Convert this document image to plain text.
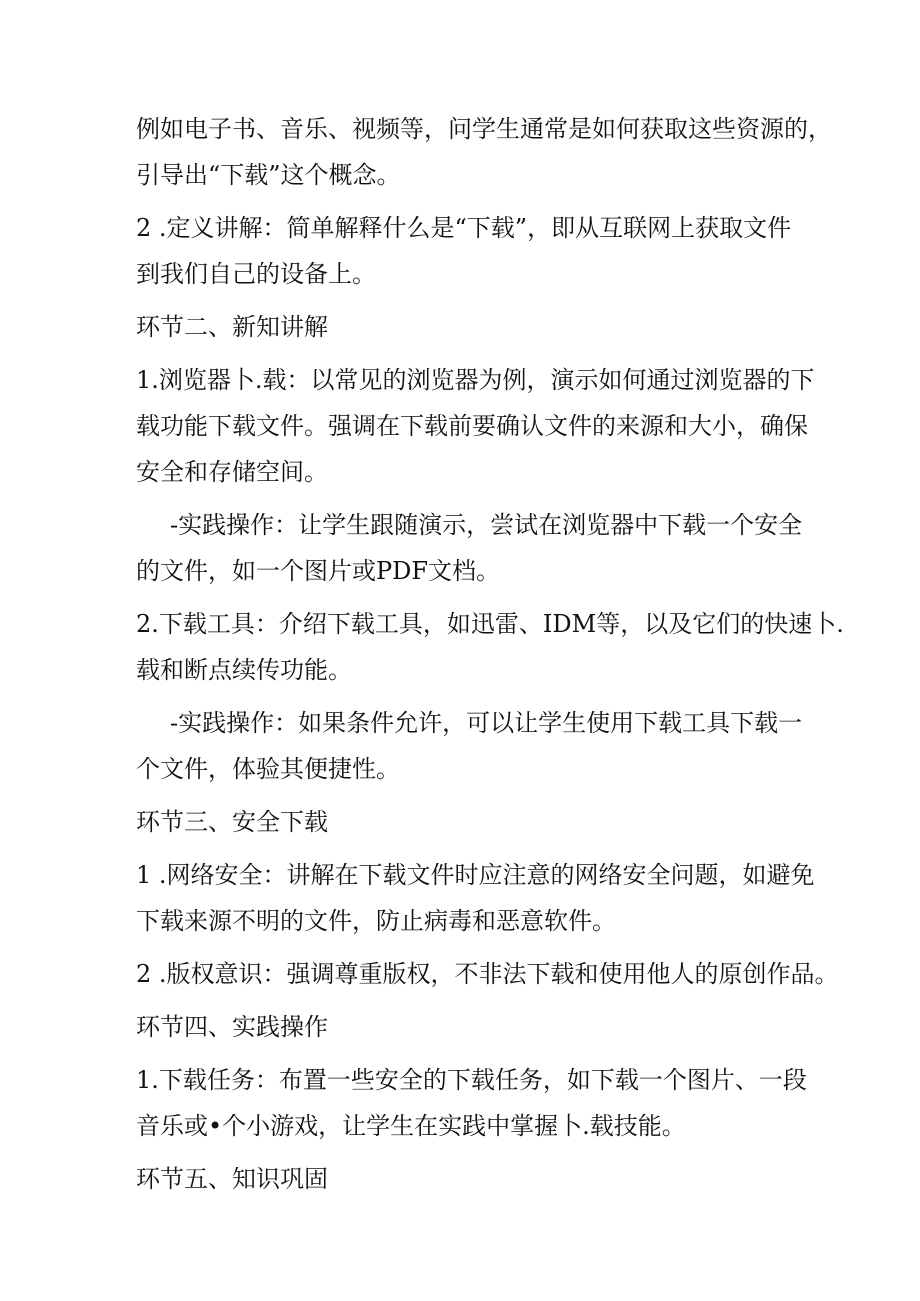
例如电子书、音乐、视频等，问学生通常是如何获取这些资源的，
引导出“下载”这个概念。

2 .定义讲解：简单解释什么是“下载”，即从互联网上获取文件
到我们自己的设备上。

环节二、新知讲解

1.浏览器卜.载：以常见的浏览器为例，演示如何通过浏览器的下
载功能下载文件。强调在下载前要确认文件的来源和大小，确保
安全和存储空间。

-实践操作：让学生跟随演示，尝试在浏览器中下载一个安全
的文件，如一个图片或PDF文档。

2.下载工具：介绍下载工具，如迅雷、IDM等，以及它们的快速卜.
载和断点续传功能。

-实践操作：如果条件允许，可以让学生使用下载工具下载一
个文件，体验其便捷性。

环节三、安全下载

1 .网络安全：讲解在下载文件时应注意的网络安全问题，如避免
下载来源不明的文件，防止病毒和恶意软件。

2 .版权意识：强调尊重版权，不非法下载和使用他人的原创作品。

环节四、实践操作

1.下载任务：布置一些安全的下载任务，如下载一个图片、一段
音乐或•个小游戏，让学生在实践中掌握卜.载技能。

环节五、知识巩固
